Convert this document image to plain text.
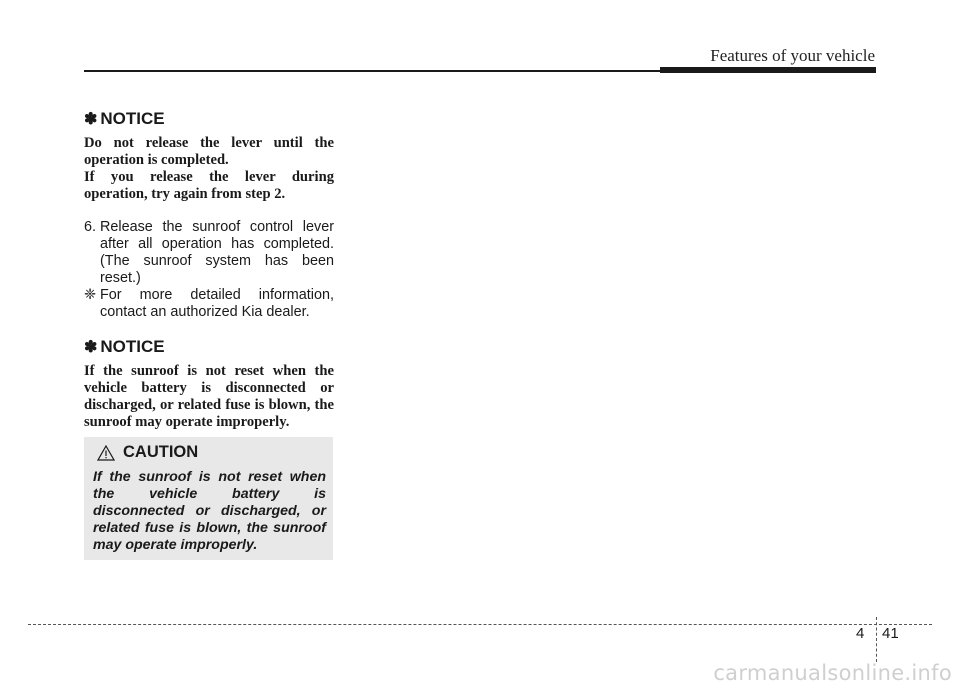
Features of your vehicle
✽ NOTICE

Do not release the lever until the operation is completed.

If you release the lever during operation, try again from step 2.

6. Release the sunroof control lever after all operation has completed. (The sunroof system has been reset.)
❈ For more detailed information, contact an authorized Kia dealer.
✽ NOTICE

If the sunroof is not reset when the vehicle battery is disconnected or discharged, or related fuse is blown, the sunroof may operate improperly.

CAUTION

If the sunroof is not reset when the vehicle battery is disconnected or discharged, or related fuse is blown, the sunroof may operate improperly.

4 41
carmanualsonline.info
